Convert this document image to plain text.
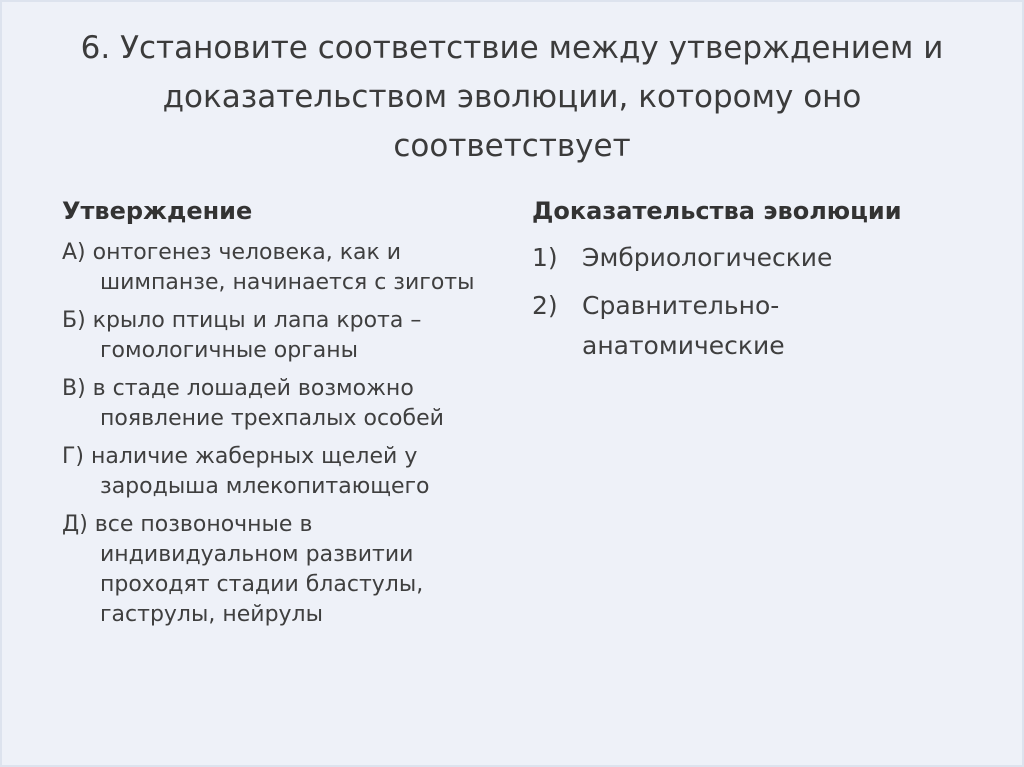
6. Установите соответствие между утверждением и доказательством эволюции, которому оно соответствует
Утверждение
А) онтогенез человека, как и шимпанзе, начинается с зиготы
Б) крыло птицы и лапа крота – гомологичные органы
В) в стаде лошадей возможно появление трехпалых особей
Г) наличие жаберных щелей у зародыша млекопитающего
Д) все позвоночные в индивидуальном развитии проходят стадии бластулы, гаструлы, нейрулы
Доказательства эволюции
1) Эмбриологические
2) Сравнительно-анатомические
